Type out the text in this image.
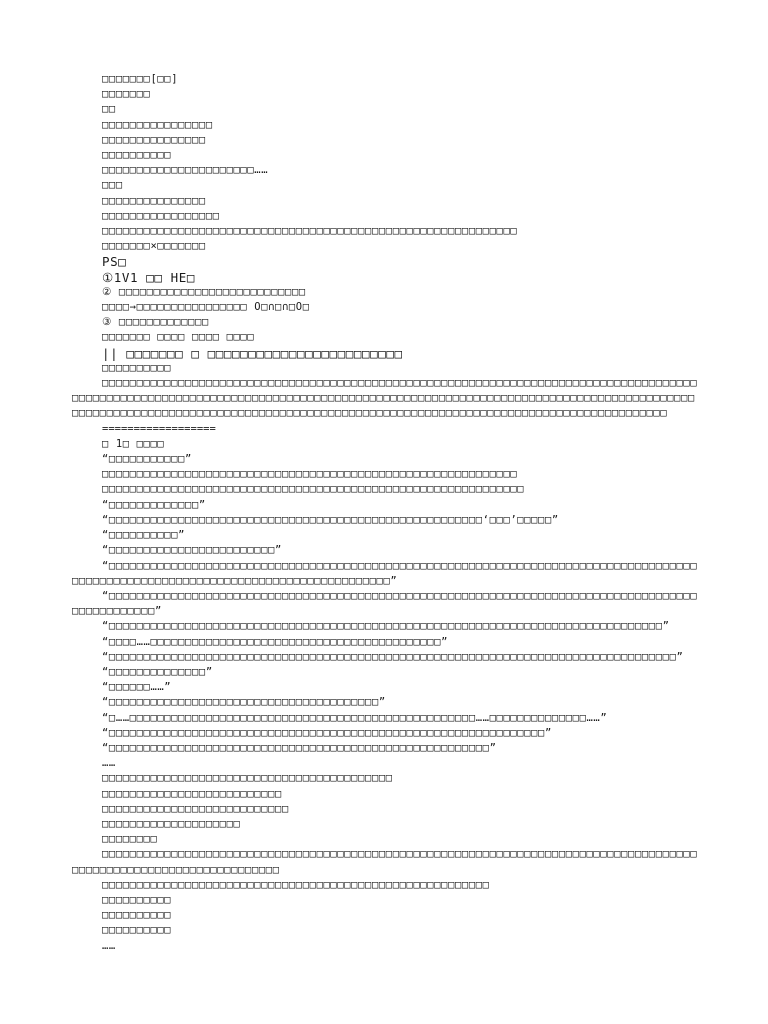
□□□□□□□[□□]

□□□□□□□

□□

□□□□□□□□□□□□□□□□

□□□□□□□□□□□□□□□

□□□□□□□□□□

□□□□□□□□□□□□□□□□□□□□□□……

□□□

□□□□□□□□□□□□□□□

□□□□□□□□□□□□□□□□□

□□□□□□□□□□□□□□□□□□□□□□□□□□□□□□□□□□□□□□□□□□□□□□□□□□□□□□□□□□□□

□□□□□□□×□□□□□□□

PS□

①1V1 □□ HE□

② □□□□□□□□□□□□□□□□□□□□□□□□□□□

□□□□→□□□□□□□□□□□□□□□□ O□∩□∩□O□

③ □□□□□□□□□□□□□

□□□□□□□ □□□□ □□□□ □□□□

|| □□□□□□□ □ □□□□□□□□□□□□□□□□□□□□□□□□

□□□□□□□□□□

□□□□□□□□□□□□□□□□□□□□□□□□□□□□□□□□□□□□□□□□□□□□□□□□□□□□□□□□□□□□□□□□□□□□□□□□□□□□□□□□□□□□□□□□□□□□□□□□□□□□□□□□□□□□□□□□□□□□□□□□□□□□□□□□□□□□□□□□□□□□□□□□□□□□□□□□□□□□□□□□□□□□□□□□□□□□□□□□□□□□□□□□□□□□□□□□□□□□□□□□□□□□□□□□□□□□□□□□□□□□□□□□□□□□□□□□□□□□□□□□□□□□□□□□□□□□□□□□□□□□□□

==================

□ 1□ □□□□

“□□□□□□□□□□□”

□□□□□□□□□□□□□□□□□□□□□□□□□□□□□□□□□□□□□□□□□□□□□□□□□□□□□□□□□□□□

□□□□□□□□□□□□□□□□□□□□□□□□□□□□□□□□□□□□□□□□□□□□□□□□□□□□□□□□□□□□□

“□□□□□□□□□□□□□”

“□□□□□□□□□□□□□□□□□□□□□□□□□□□□□□□□□□□□□□□□□□□□□□□□□□□□□□‘□□□’□□□□□”

“□□□□□□□□□□”

“□□□□□□□□□□□□□□□□□□□□□□□□”

“□□□□□□□□□□□□□□□□□□□□□□□□□□□□□□□□□□□□□□□□□□□□□□□□□□□□□□□□□□□□□□□□□□□□□□□□□□□□□□□□□□□□□□□□□□□□□□□□□□□□□□□□□□□□□□□□□□□□□□□□□□□□□□□□□□□”

“□□□□□□□□□□□□□□□□□□□□□□□□□□□□□□□□□□□□□□□□□□□□□□□□□□□□□□□□□□□□□□□□□□□□□□□□□□□□□□□□□□□□□□□□□□□□□□□□□”

“□□□□□□□□□□□□□□□□□□□□□□□□□□□□□□□□□□□□□□□□□□□□□□□□□□□□□□□□□□□□□□□□□□□□□□□□□□□□□□□□”

“□□□□……□□□□□□□□□□□□□□□□□□□□□□□□□□□□□□□□□□□□□□□□□□”

“□□□□□□□□□□□□□□□□□□□□□□□□□□□□□□□□□□□□□□□□□□□□□□□□□□□□□□□□□□□□□□□□□□□□□□□□□□□□□□□□□□”

“□□□□□□□□□□□□□□”

“□□□□□□……”

“□□□□□□□□□□□□□□□□□□□□□□□□□□□□□□□□□□□□□□□”

“□……□□□□□□□□□□□□□□□□□□□□□□□□□□□□□□□□□□□□□□□□□□□□□□□□□□……□□□□□□□□□□□□□□……”

“□□□□□□□□□□□□□□□□□□□□□□□□□□□□□□□□□□□□□□□□□□□□□□□□□□□□□□□□□□□□□□□”

“□□□□□□□□□□□□□□□□□□□□□□□□□□□□□□□□□□□□□□□□□□□□□□□□□□□□□□□”

……

□□□□□□□□□□□□□□□□□□□□□□□□□□□□□□□□□□□□□□□□□□

□□□□□□□□□□□□□□□□□□□□□□□□□□

□□□□□□□□□□□□□□□□□□□□□□□□□□□

□□□□□□□□□□□□□□□□□□□□

□□□□□□□□

□□□□□□□□□□□□□□□□□□□□□□□□□□□□□□□□□□□□□□□□□□□□□□□□□□□□□□□□□□□□□□□□□□□□□□□□□□□□□□□□□□□□□□□□□□□□□□□□□□□□□□□□□□□□□□□□□□□□

□□□□□□□□□□□□□□□□□□□□□□□□□□□□□□□□□□□□□□□□□□□□□□□□□□□□□□□□

□□□□□□□□□□

□□□□□□□□□□

□□□□□□□□□□

……
